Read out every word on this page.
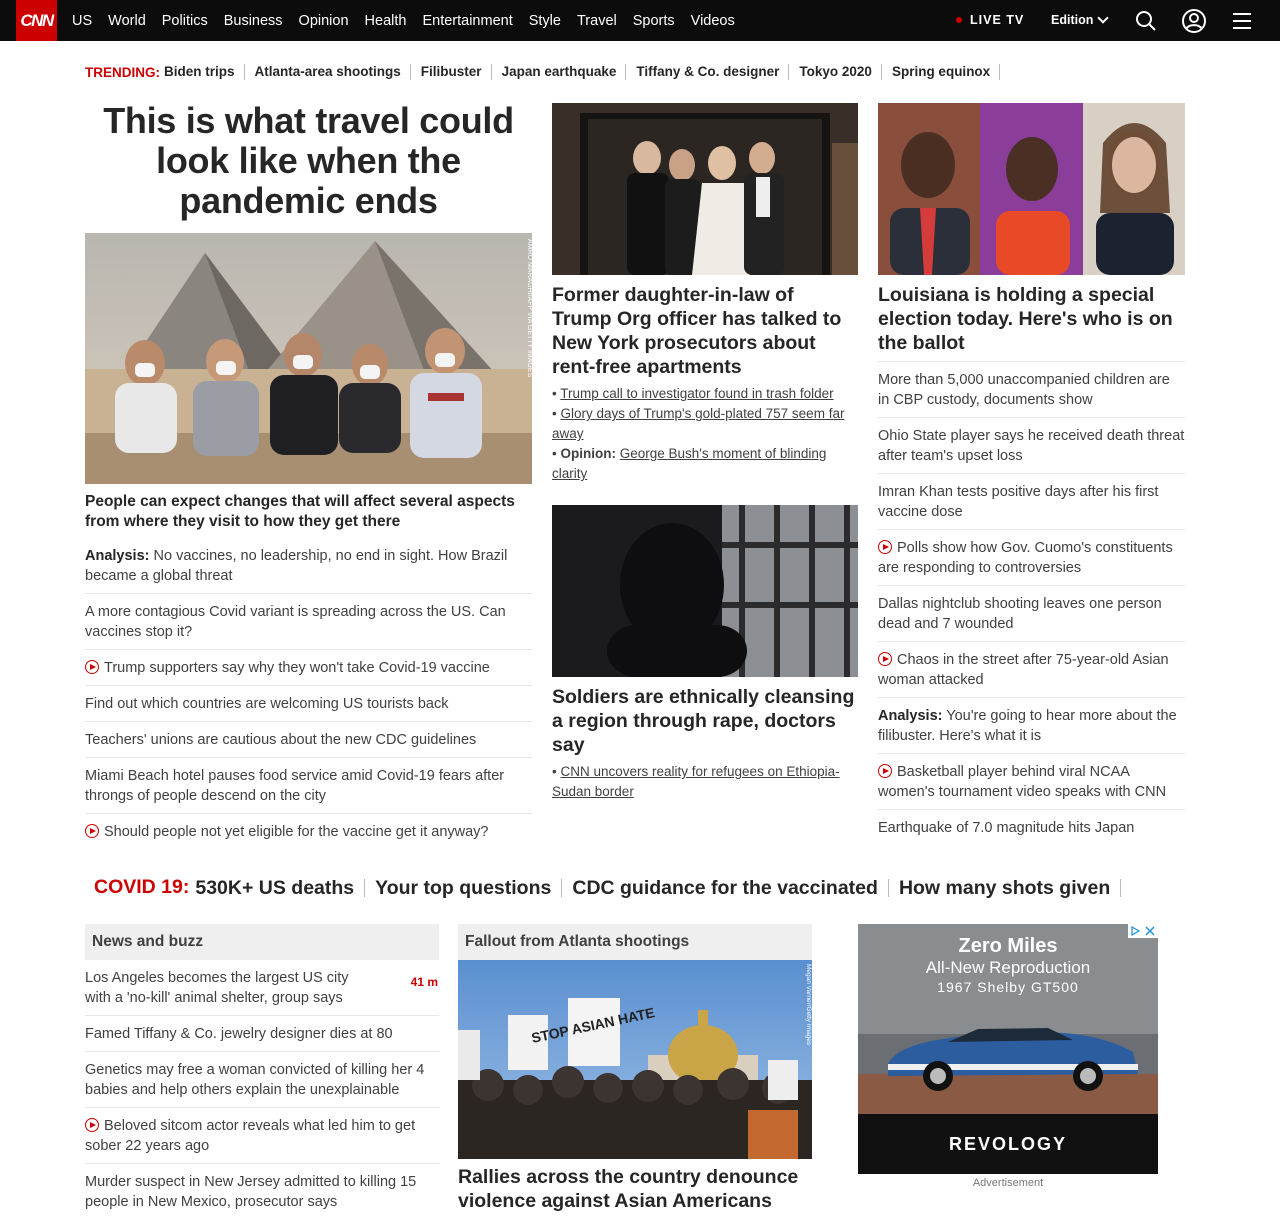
CNN US World Politics Business Opinion Health Entertainment Style Travel Sports Videos	LIVE TV Edition
TRENDING: Biden trips	Atlanta-area shootings	Filibuster	Japan earthquake	Tiffany & Co. designer	Tokyo 2020	Spring equinox
This is what travel could look like when the pandemic ends
AMRO MARAGHI/AFP VIA GETTY IMAGES
People can expect changes that will affect several aspects from where they visit to how they get there
Analysis: No vaccines, no leadership, no end in sight. How Brazil became a global threat
A more contagious Covid variant is spreading across the US. Can vaccines stop it?
Trump supporters say why they won't take Covid-19 vaccine
Find out which countries are welcoming US tourists back
Teachers' unions are cautious about the new CDC guidelines
Miami Beach hotel pauses food service amid Covid-19 fears after throngs of people descend on the city
Should people not yet eligible for the vaccine get it anyway?
Former daughter-in-law of Trump Org officer has talked to New York prosecutors about rent-free apartments
• Trump call to investigator found in trash folder
• Glory days of Trump's gold-plated 757 seem far away
• Opinion: George Bush's moment of blinding clarity
Soldiers are ethnically cleansing a region through rape, doctors say
• CNN uncovers reality for refugees on Ethiopia-Sudan border
Louisiana is holding a special election today. Here's who is on the ballot
More than 5,000 unaccompanied children are in CBP custody, documents show
Ohio State player says he received death threat after team's upset loss
Imran Khan tests positive days after his first vaccine dose
Polls show how Gov. Cuomo's constituents are responding to controversies
Dallas nightclub shooting leaves one person dead and 7 wounded
Chaos in the street after 75-year-old Asian woman attacked
Analysis: You're going to hear more about the filibuster. Here's what it is
Basketball player behind viral NCAA women's tournament video speaks with CNN
Earthquake of 7.0 magnitude hits Japan
COVID 19: 530K+ US deaths	Your top questions	CDC guidance for the vaccinated	How many shots given
News and buzz
Los Angeles becomes the largest US city with a 'no-kill' animal shelter, group says
41 m
Famed Tiffany & Co. jewelry designer dies at 80
Genetics may free a woman convicted of killing her 4 babies and help others explain the unexplainable
Beloved sitcom actor reveals what led him to get sober 22 years ago
Murder suspect in New Jersey admitted to killing 15 people in New Mexico, prosecutor says
Fallout from Atlanta shootings
STOP ASIAN HATE	Megan Varner/Getty Images
Rallies across the country denounce violence against Asian Americans
Zero Miles
All-New Reproduction
1967 Shelby GT500
REVOLOGY
Advertisement
